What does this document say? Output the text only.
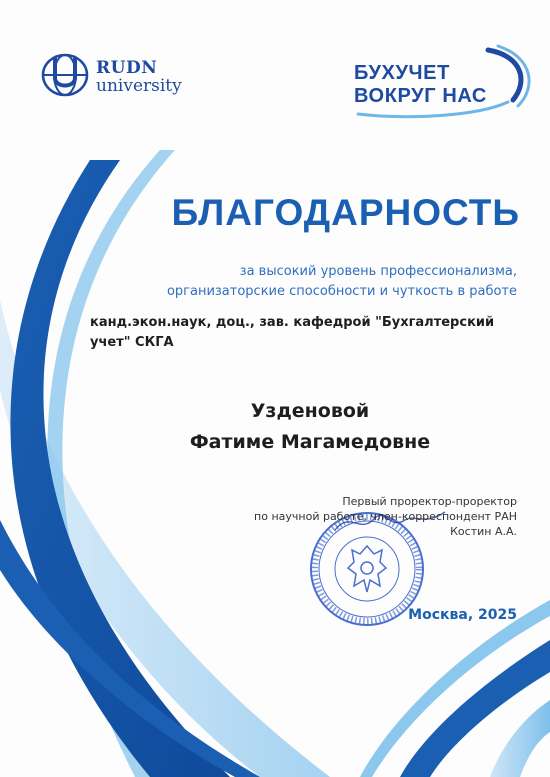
RUDN
university
БУХУЧЕТ
ВОКРУГ НАС
БЛАГОДАРНОСТЬ
за высокий уровень профессионализма,
организаторские способности и чуткость в работе
канд.экон.наук, доц., зав. кафедрой "Бухгалтерский учет" СКГА
Узденовой
Фатиме Магамедовне
Первый проректор-проректор
по научной работе, член-корреспондент РАН
Костин А.А.
Москва, 2025
